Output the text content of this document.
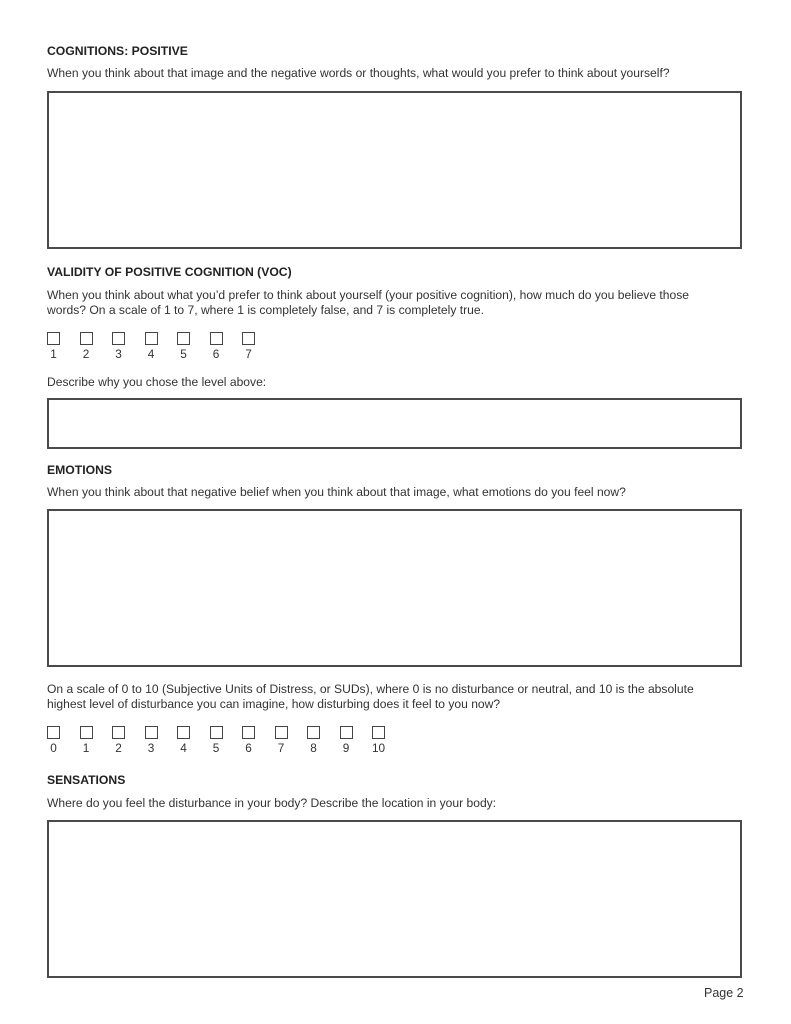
COGNITIONS: POSITIVE
When you think about that image and the negative words or thoughts, what would you prefer to think about yourself?
VALIDITY OF POSITIVE COGNITION (VOC)
When you think about what you’d prefer to think about yourself (your positive cognition), how much do you believe those
words? On a scale of 1 to 7, where 1 is completely false, and 7 is completely true.
1 2 3 4 5 6 7
Describe why you chose the level above:
EMOTIONS
When you think about that negative belief when you think about that image, what emotions do you feel now?
On a scale of 0 to 10 (Subjective Units of Distress, or SUDs), where 0 is no disturbance or neutral, and 10 is the absolute
highest level of disturbance you can imagine, how disturbing does it feel to you now?
0 1 2 3 4 5 6 7 8 9 10
SENSATIONS
Where do you feel the disturbance in your body? Describe the location in your body:
Page 2
